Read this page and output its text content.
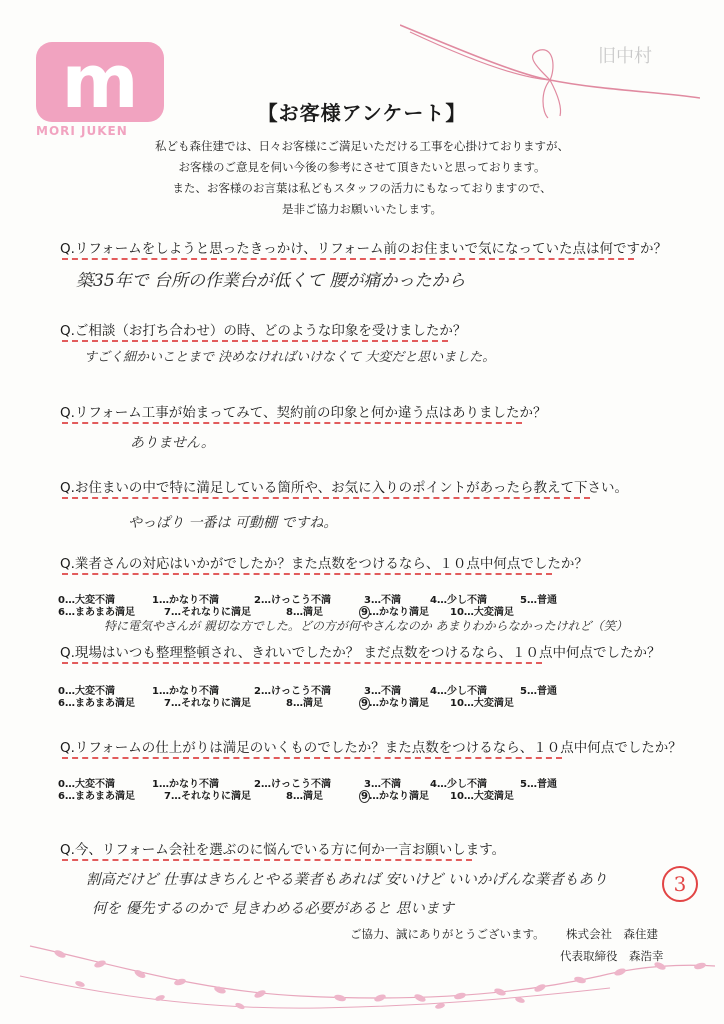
m
MORI JUKEN
旧中村
【お客様アンケート】
私ども森住建では、日々お客様にご満足いただける工事を心掛けておりますが、
お客様のご意見を伺い今後の参考にさせて頂きたいと思っております。
また、お客様のお言葉は私どもスタッフの活力にもなっておりますので、
是非ご協力お願いいたします。
Q.リフォームをしようと思ったきっかけ、リフォーム前のお住まいで気になっていた点は何ですか？
築35年で 台所の作業台が低くて 腰が痛かったから
Q.ご相談（お打ち合わせ）の時、どのような印象を受けましたか？
すごく細かいことまで 決めなければいけなくて 大変だと思いました。
Q.リフォーム工事が始まってみて、契約前の印象と何か違う点はありましたか？
ありません。
Q.お住まいの中で特に満足している箇所や、お気に入りのポイントがあったら教えて下さい。
やっぱり 一番は 可動棚 ですね。
Q.業者さんの対応はいかがでしたか？また点数をつけるなら、１０点中何点でしたか？
0…大変不満	1…かなり不満	2…けっこう不満	3…不満	4…少し不満	5…普通
6…まあまあ満足	7…それなりに満足	8…満足	9…かなり満足 10…大変満足
特に電気やさんが 親切な方でした。どの方が何やさんなのか あまりわからなかったけれど（笑）
Q.現場はいつも整理整頓され、きれいでしたか？ まだ点数をつけるなら、１０点中何点でしたか？
0…大変不満	1…かなり不満	2…けっこう不満	3…不満	4…少し不満	5…普通
6…まあまあ満足	7…それなりに満足	8…満足	9…かなり満足 10…大変満足
Q.リフォームの仕上がりは満足のいくものでしたか？また点数をつけるなら、１０点中何点でしたか？
0…大変不満	1…かなり不満	2…けっこう不満	3…不満	4…少し不満	5…普通
6…まあまあ満足	7…それなりに満足	8…満足	9…かなり満足 10…大変満足
Q.今、リフォーム会社を選ぶのに悩んでいる方に何か一言お願いします。
割高だけど 仕事はきちんとやる業者もあれば 安いけど いいかげんな業者もあり
何を 優先するのかで 見きわめる必要があると 思います
3
ご協力、誠にありがとうございます。 株式会社　森住建
代表取締役　森浩幸
